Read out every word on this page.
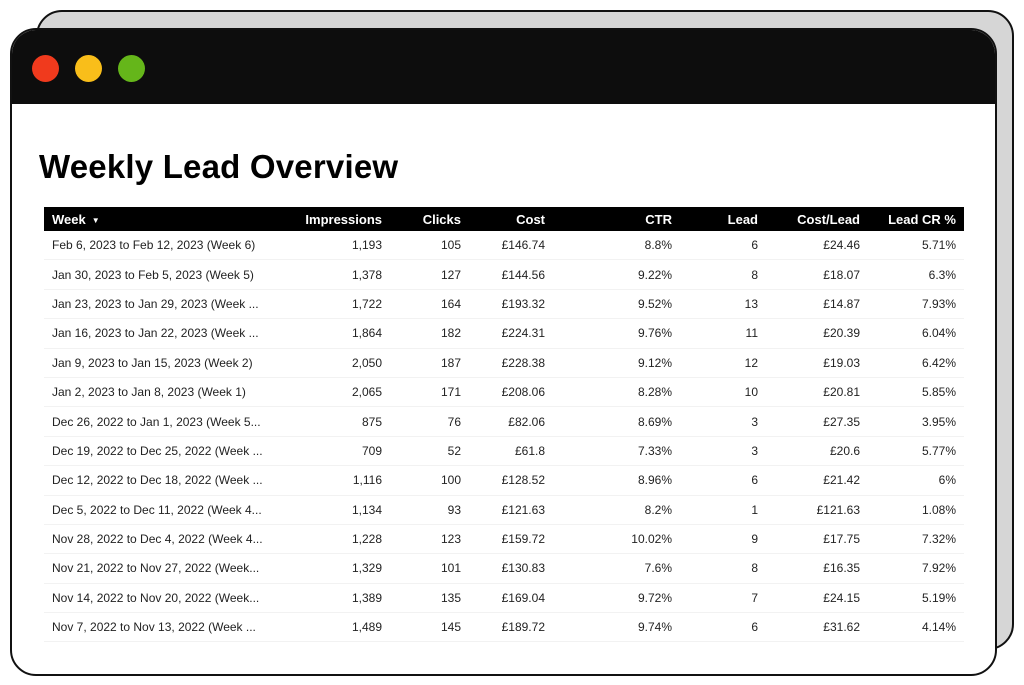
Weekly Lead Overview
Week ▼	Impressions	Clicks	Cost	CTR	Lead	Cost/Lead	Lead CR %
Feb 6, 2023 to Feb 12, 2023 (Week 6)	1,193	105	£146.74	8.8%	6	£24.46	5.71%
Jan 30, 2023 to Feb 5, 2023 (Week 5)	1,378	127	£144.56	9.22%	8	£18.07	6.3%
Jan 23, 2023 to Jan 29, 2023 (Week ...	1,722	164	£193.32	9.52%	13	£14.87	7.93%
Jan 16, 2023 to Jan 22, 2023 (Week ...	1,864	182	£224.31	9.76%	11	£20.39	6.04%
Jan 9, 2023 to Jan 15, 2023 (Week 2)	2,050	187	£228.38	9.12%	12	£19.03	6.42%
Jan 2, 2023 to Jan 8, 2023 (Week 1)	2,065	171	£208.06	8.28%	10	£20.81	5.85%
Dec 26, 2022 to Jan 1, 2023 (Week 5...	875	76	£82.06	8.69%	3	£27.35	3.95%
Dec 19, 2022 to Dec 25, 2022 (Week ...	709	52	£61.8	7.33%	3	£20.6	5.77%
Dec 12, 2022 to Dec 18, 2022 (Week ...	1,116	100	£128.52	8.96%	6	£21.42	6%
Dec 5, 2022 to Dec 11, 2022 (Week 4...	1,134	93	£121.63	8.2%	1	£121.63	1.08%
Nov 28, 2022 to Dec 4, 2022 (Week 4...	1,228	123	£159.72	10.02%	9	£17.75	7.32%
Nov 21, 2022 to Nov 27, 2022 (Week...	1,329	101	£130.83	7.6%	8	£16.35	7.92%
Nov 14, 2022 to Nov 20, 2022 (Week...	1,389	135	£169.04	9.72%	7	£24.15	5.19%
Nov 7, 2022 to Nov 13, 2022 (Week ...	1,489	145	£189.72	9.74%	6	£31.62	4.14%
